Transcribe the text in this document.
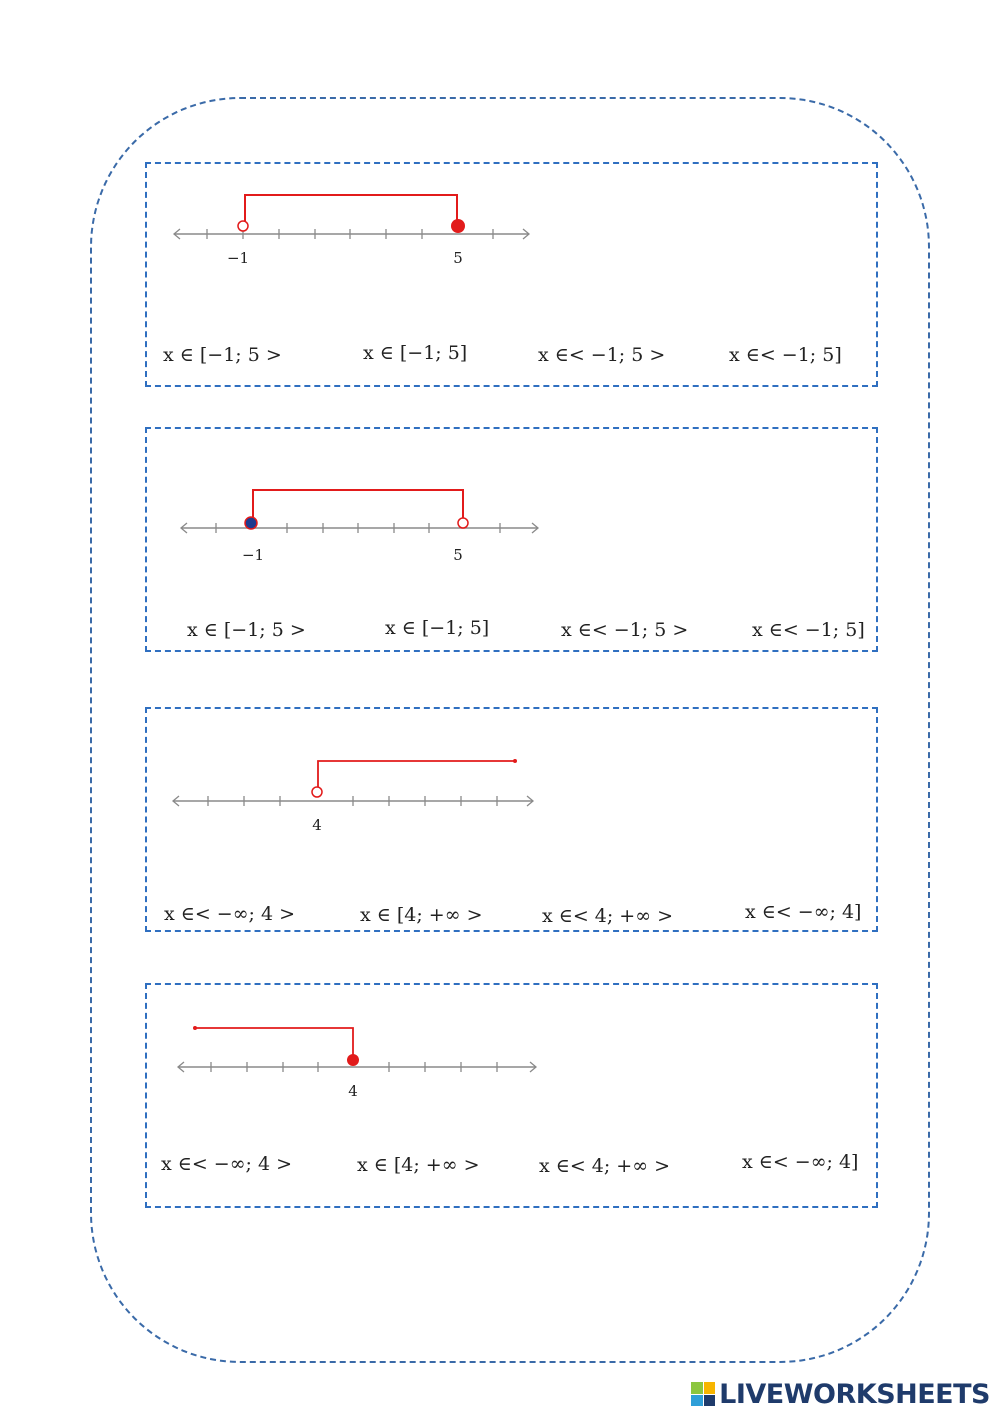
−1	5
x ∈ [−1; 5 >	x ∈ [−1; 5]	x ∈< −1; 5 >	x ∈< −1; 5]
−1	5
x ∈ [−1; 5 >	x ∈ [−1; 5]	x ∈< −1; 5 >	x ∈< −1; 5]
4
x ∈< −∞; 4 >	x ∈ [4; +∞ >	x ∈< 4; +∞ >	x ∈< −∞; 4]
4
x ∈< −∞; 4 >	x ∈ [4; +∞ >	x ∈< 4; +∞ >	x ∈< −∞; 4]
LIVEWORKSHEETS
